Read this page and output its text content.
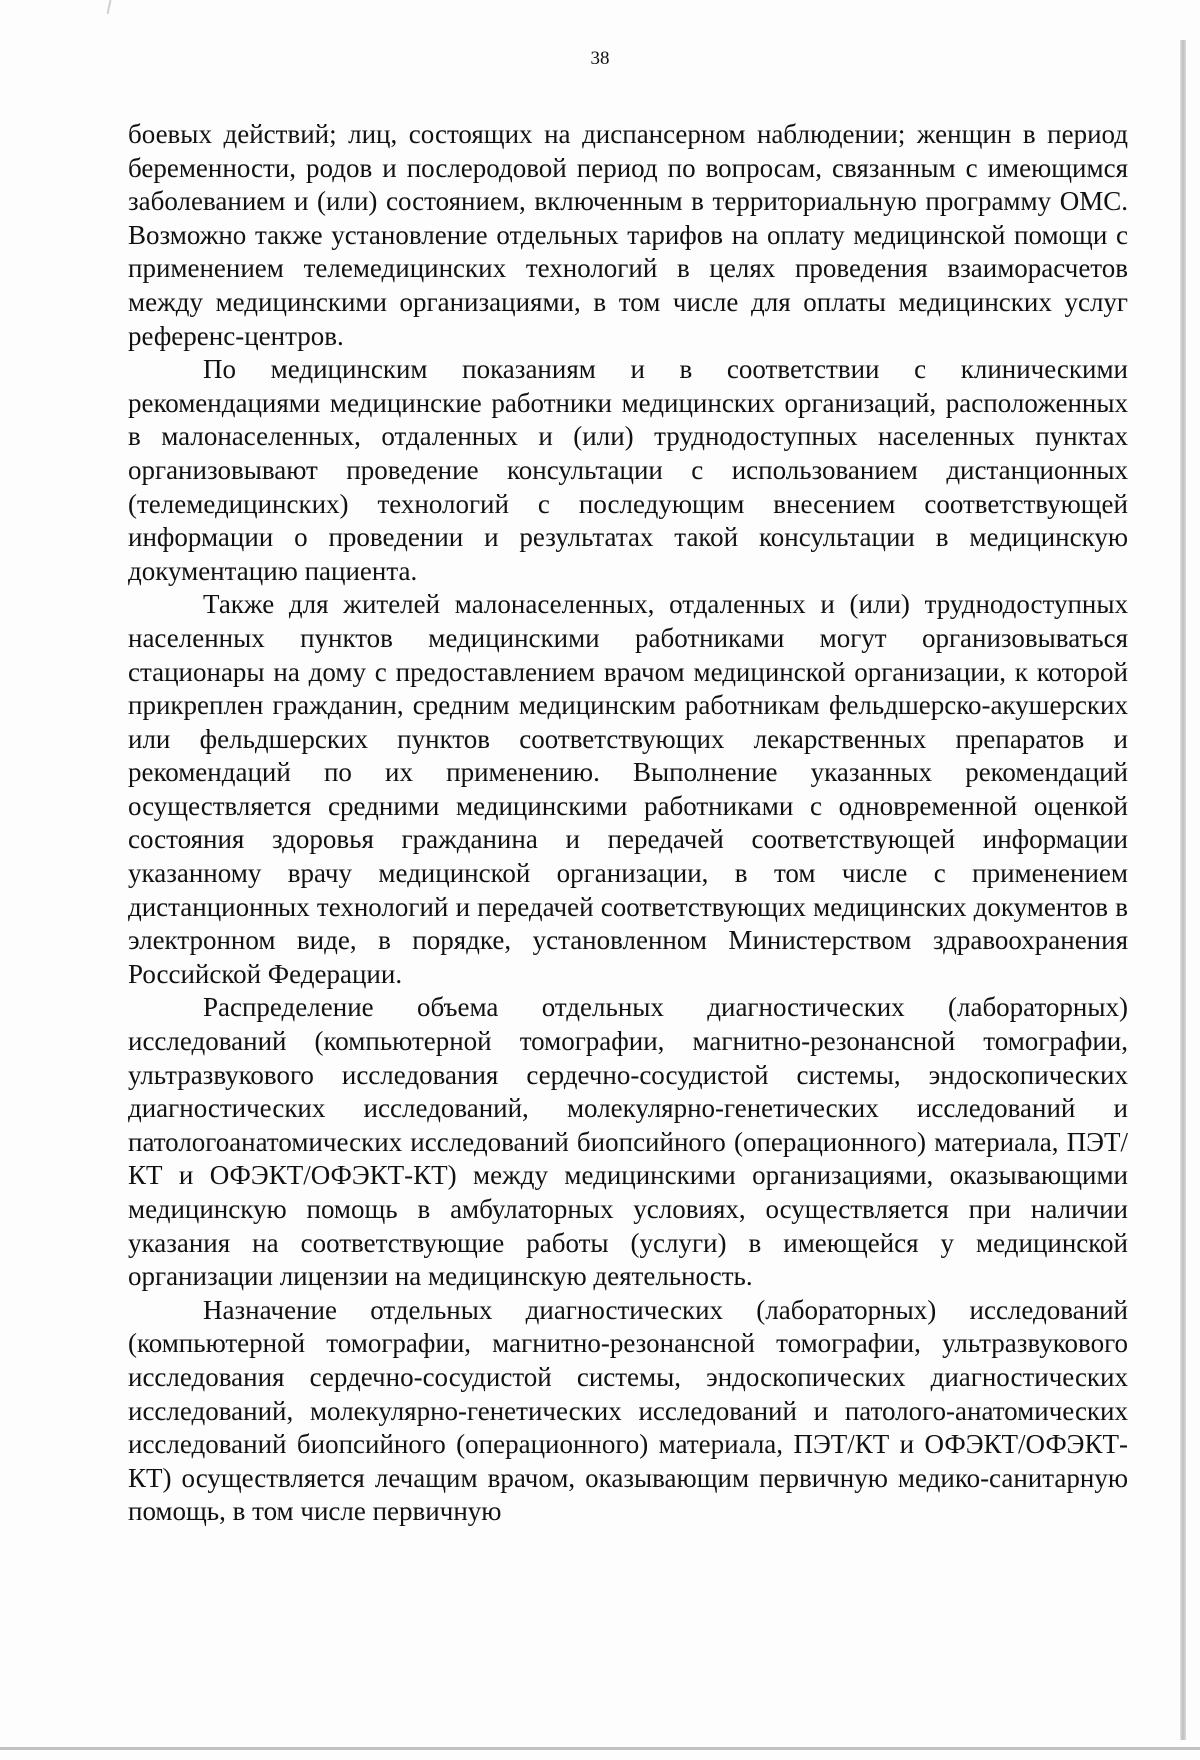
38

боевых действий; лиц, состоящих на диспансерном наблюдении; женщин в период беременности, родов и послеродовой период по вопросам, связанным с имеющимся заболеванием и (или) состоянием, включенным в территориальную программу ОМС. Возможно также установление отдельных тарифов на оплату медицинской помощи с применением телемедицинских технологий в целях проведения взаиморасчетов между медицинскими организациями, в том числе для оплаты медицинских услуг референс-центров.

По медицинским показаниям и в соответствии с клиническими рекомендациями медицинские работники медицинских организаций, расположенных в малонаселенных, отдаленных и (или) труднодоступных населенных пунктах организовывают проведение консультации с использованием дистанционных (телемедицинских) технологий с последующим внесением соответствующей информации о проведении и результатах такой консультации в медицинскую документацию пациента.

Также для жителей малонаселенных, отдаленных и (или) труднодоступных населенных пунктов медицинскими работниками могут организовываться стационары на дому с предоставлением врачом медицинской организации, к которой прикреплен гражданин, средним медицинским работникам фельдшерско-акушерских или фельдшерских пунктов соответствующих лекарственных препаратов и рекомендаций по их применению. Выполнение указанных рекомендаций осуществляется средними медицинскими работниками с одновременной оценкой состояния здоровья гражданина и передачей соответствующей информации указанному врачу медицинской организации, в том числе с применением дистанционных технологий и передачей соответствующих медицинских документов в электронном виде, в порядке, установленном Министерством здравоохранения Российской Федерации.

Распределение объема отдельных диагностических (лабораторных) исследований (компьютерной томографии, магнитно-резонансной томографии, ультразвукового исследования сердечно-сосудистой системы, эндоскопических диагностических исследований, молекулярно-генетических исследований и патологоанатомических исследований биопсийного (операционного) материала, ПЭТ/КТ и ОФЭКТ/ОФЭКТ-КТ) между медицинскими организациями, оказывающими медицинскую помощь в амбулаторных условиях, осуществляется при наличии указания на соответствующие работы (услуги) в имеющейся у медицинской организации лицензии на медицинскую деятельность.

Назначение отдельных диагностических (лабораторных) исследований (компьютерной томографии, магнитно-резонансной томографии, ультразвукового исследования сердечно-сосудистой системы, эндоскопических диагностических исследований, молекулярно-генетических исследований и патолого-анатомических исследований биопсийного (операционного) материала, ПЭТ/КТ и ОФЭКТ/ОФЭКТ-КТ) осуществляется лечащим врачом, оказывающим первичную медико-санитарную помощь, в том числе первичную
